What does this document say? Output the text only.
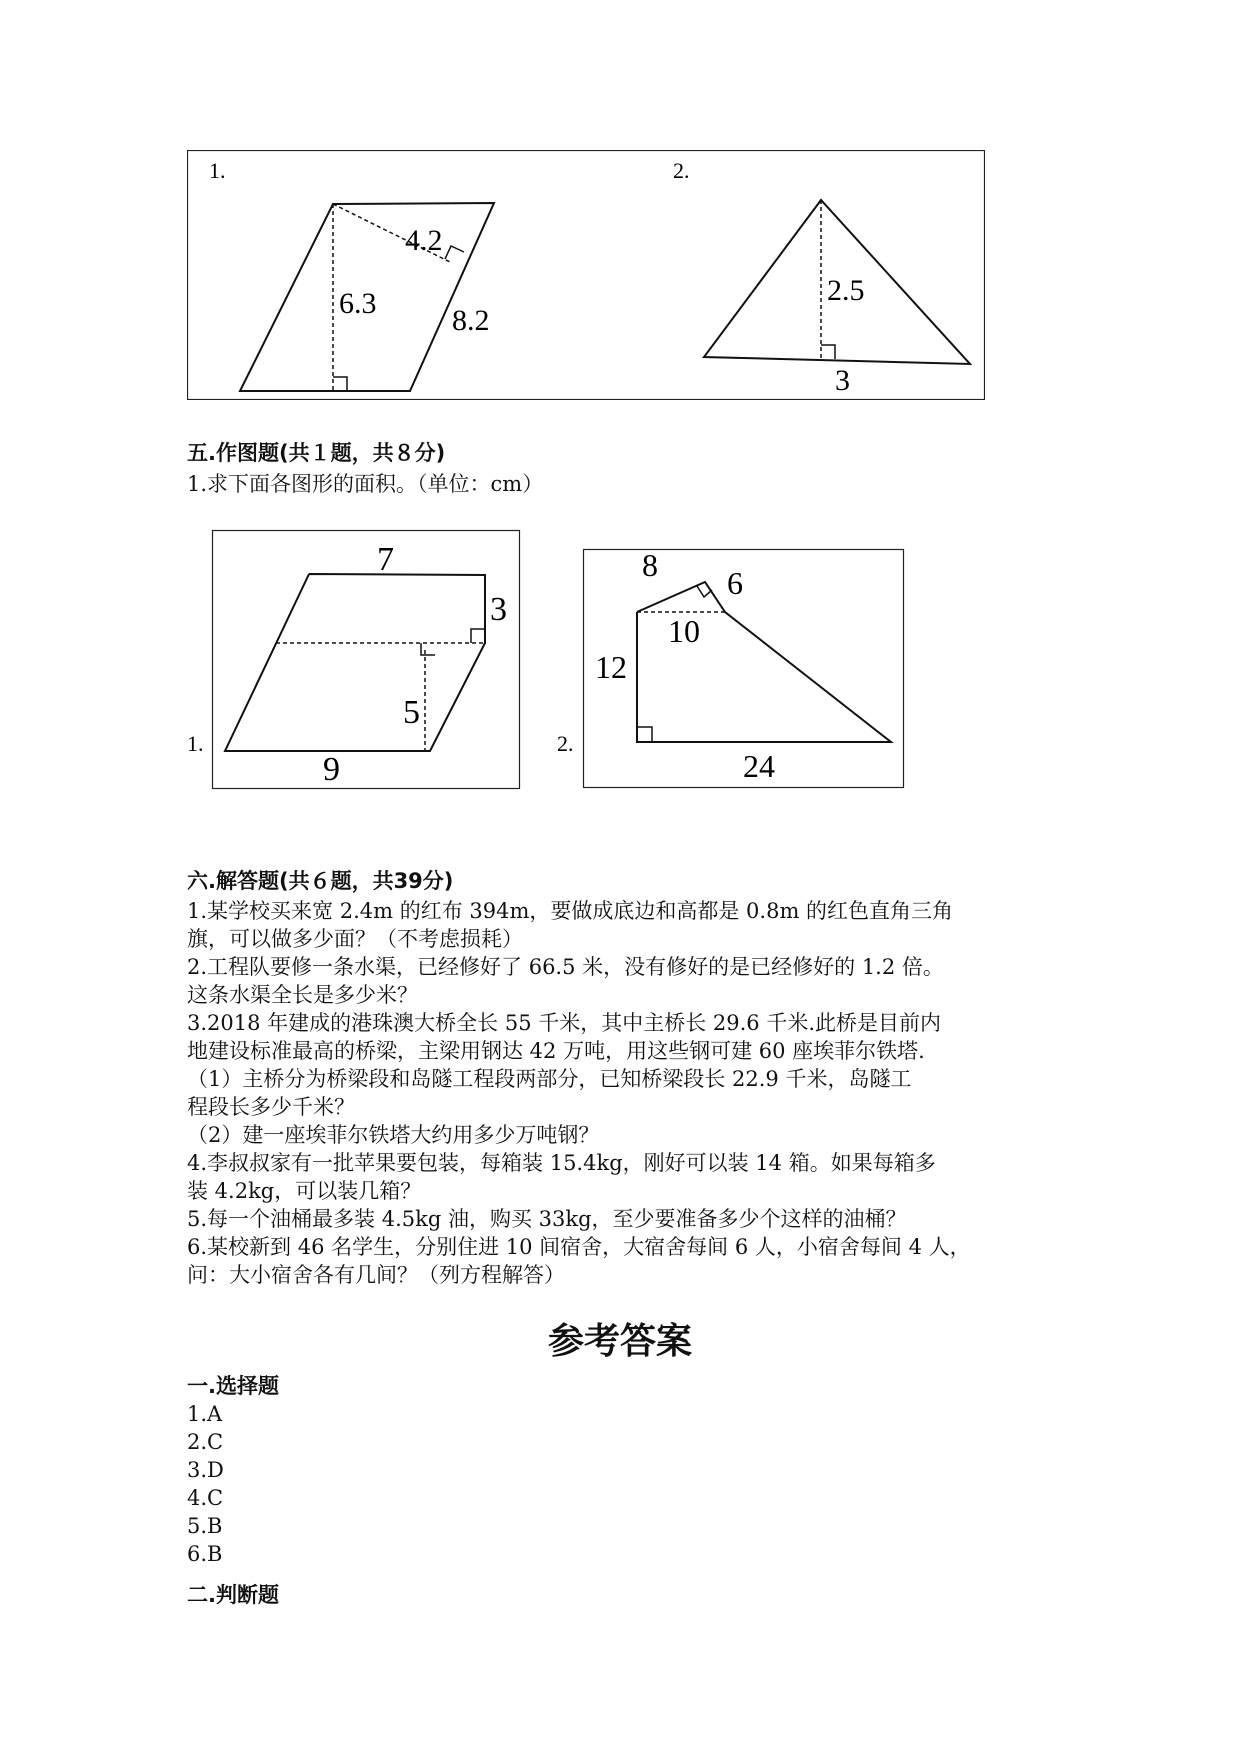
1.	2.
4.2
6.3
8.2
2.5
3
五.作图题(共１题，共８分)
1.求下面各图形的面积。（单位：cm）
1.
7
3
5
9
2.
8 6
10
12
24
六.解答题(共６题，共39分)
1.某学校买来宽 2.4m 的红布 394m，要做成底边和高都是 0.8m 的红色直角三角
旗，可以做多少面？（不考虑损耗）
2.工程队要修一条水渠，已经修好了 66.5 米，没有修好的是已经修好的 1.2 倍。
这条水渠全长是多少米？
3.2018 年建成的港珠澳大桥全长 55 千米，其中主桥长 29.6 千米.此桥是目前内
地建设标准最高的桥梁，主梁用钢达 42 万吨，用这些钢可建 60 座埃菲尔铁塔.
（1）主桥分为桥梁段和岛隧工程段两部分，已知桥梁段长 22.9 千米，岛隧工
程段长多少千米？
（2）建一座埃菲尔铁塔大约用多少万吨钢？
4.李叔叔家有一批苹果要包装，每箱装 15.4kg，刚好可以装 14 箱。如果每箱多
装 4.2kg，可以装几箱？
5.每一个油桶最多装 4.5kg 油，购买 33kg，至少要准备多少个这样的油桶？
6.某校新到 46 名学生，分别住进 10 间宿舍，大宿舍每间 6 人，小宿舍每间 4 人，
问：大小宿舍各有几间？（列方程解答）
参考答案
一.选择题
1.A
2.C
3.D
4.C
5.B
6.B
二.判断题
